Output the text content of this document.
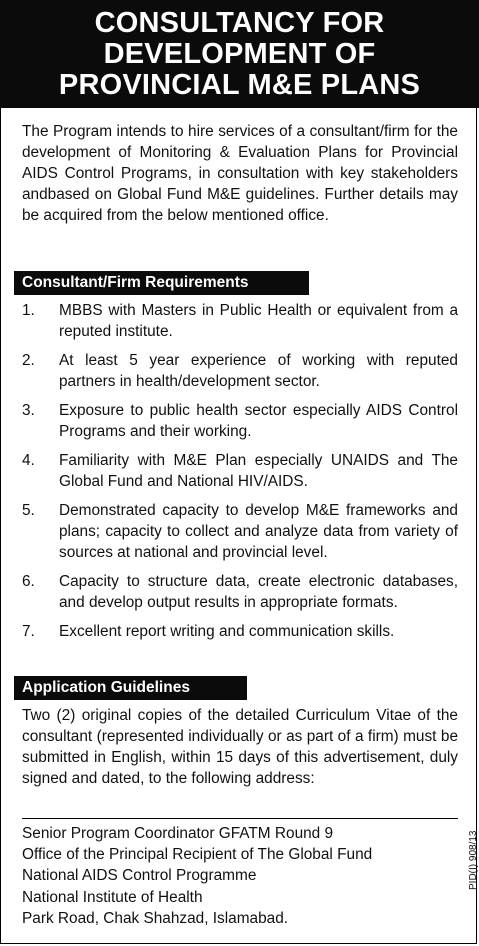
CONSULTANCY FOR
DEVELOPMENT OF
PROVINCIAL M&E PLANS
The Program intends to hire services of a consultant/firm for the development of Monitoring & Evaluation Plans for Provincial AIDS Control Programs, in consultation with key stakeholders andbased on Global Fund M&E guidelines. Further details may be acquired from the below mentioned office.
Consultant/Firm Requirements
1. MBBS with Masters in Public Health or equivalent from a reputed institute.
2. At least 5 year experience of working with reputed partners in health/development sector.
3. Exposure to public health sector especially AIDS Control Programs and their working.
4. Familiarity with M&E Plan especially UNAIDS and The Global Fund and National HIV/AIDS.
5. Demonstrated capacity to develop M&E frameworks and plans; capacity to collect and analyze data from variety of sources at national and provincial level.
6. Capacity to structure data, create electronic databases, and develop output results in appropriate formats.
7. Excellent report writing and communication skills.
Application Guidelines
Two (2) original copies of the detailed Curriculum Vitae of the consultant (represented individually or as part of a firm) must be submitted in English, within 15 days of this advertisement, duly signed and dated, to the following address:
Senior Program Coordinator GFATM Round 9
Office of the Principal Recipient of The Global Fund
National AIDS Control Programme
National Institute of Health
Park Road, Chak Shahzad, Islamabad.
PID(I) 908/13
